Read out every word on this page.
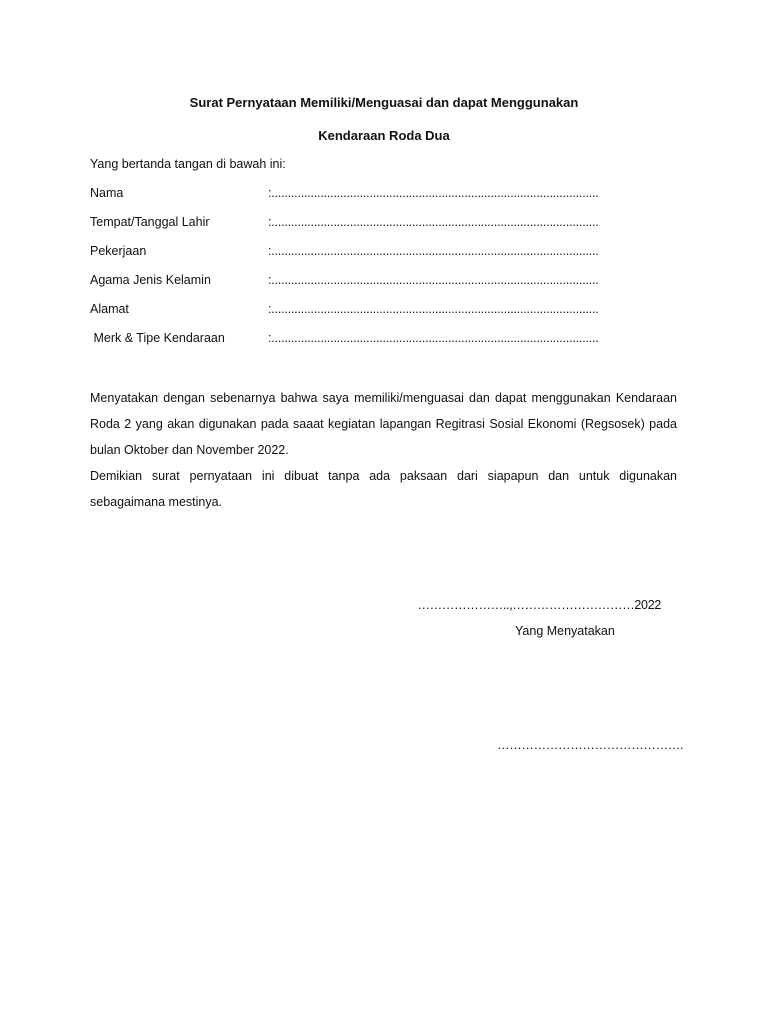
Surat Pernyataan Memiliki/Menguasai dan dapat Menggunakan
Kendaraan Roda Dua

Yang bertanda tangan di bawah ini:

Nama	:....................................................................................................

Tempat/Tanggal Lahir	:....................................................................................................

Pekerjaan	:....................................................................................................

Agama Jenis Kelamin	:....................................................................................................

Alamat	:....................................................................................................

Merk & Tipe Kendaraan	:....................................................................................................

Menyatakan dengan sebenarnya bahwa saya memiliki/menguasai dan dapat menggunakan Kendaraan Roda 2 yang akan digunakan pada saaat kegiatan lapangan Regitrasi Sosial Ekonomi (Regsosek) pada bulan Oktober dan November 2022.

Demikian surat pernyataan ini dibuat tanpa ada paksaan dari siapapun dan untuk digunakan sebagaimana mestinya.

…………………..,…………………………2022

Yang Menyatakan

……………………………………….
